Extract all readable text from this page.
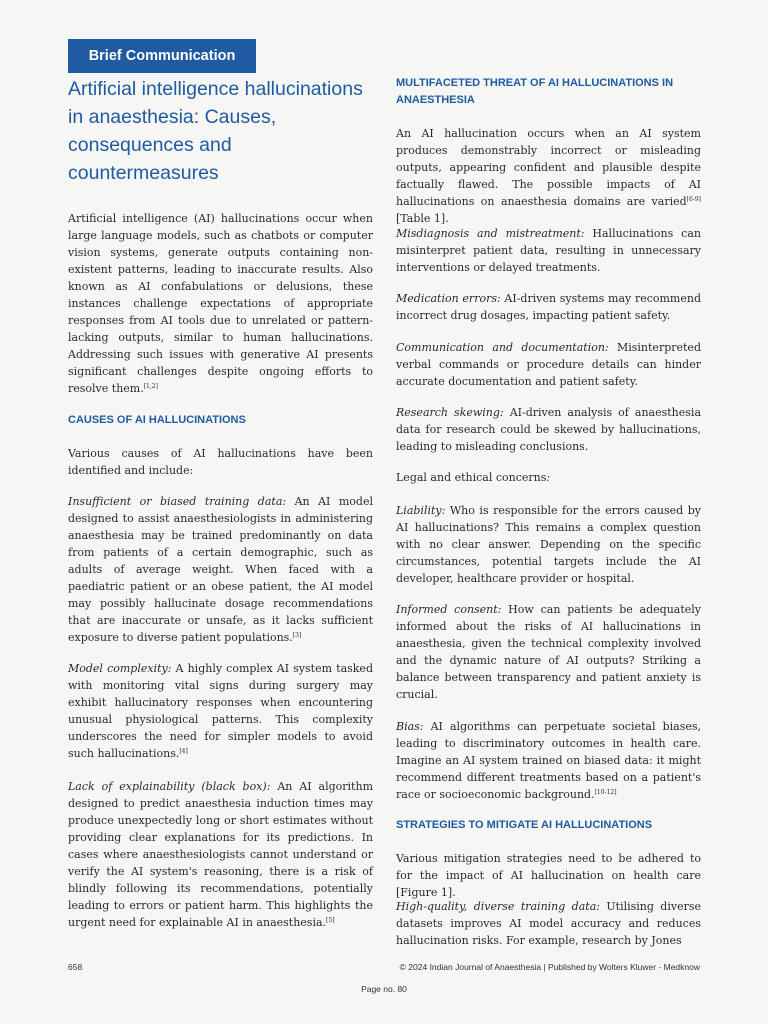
Brief Communication
Artificial intelligence hallucinations in anaesthesia: Causes, consequences and countermeasures

Artificial intelligence (AI) hallucinations occur when large language models, such as chatbots or computer vision systems, generate outputs containing non-existent patterns, leading to inaccurate results. Also known as AI confabulations or delusions, these instances challenge expectations of appropriate responses from AI tools due to unrelated or pattern-lacking outputs, similar to human hallucinations. Addressing such issues with generative AI presents significant challenges despite ongoing efforts to resolve them.[1,2]

CAUSES OF AI HALLUCINATIONS

Various causes of AI hallucinations have been identified and include:

Insufficient or biased training data: An AI model designed to assist anaesthesiologists in administering anaesthesia may be trained predominantly on data from patients of a certain demographic, such as adults of average weight. When faced with a paediatric patient or an obese patient, the AI model may possibly hallucinate dosage recommendations that are inaccurate or unsafe, as it lacks sufficient exposure to diverse patient populations.[3]

Model complexity: A highly complex AI system tasked with monitoring vital signs during surgery may exhibit hallucinatory responses when encountering unusual physiological patterns. This complexity underscores the need for simpler models to avoid such hallucinations.[4]

Lack of explainability (black box): An AI algorithm designed to predict anaesthesia induction times may produce unexpectedly long or short estimates without providing clear explanations for its predictions. In cases where anaesthesiologists cannot understand or verify the AI system's reasoning, there is a risk of blindly following its recommendations, potentially leading to errors or patient harm. This highlights the urgent need for explainable AI in anaesthesia.[5]

MULTIFACETED THREAT OF AI HALLUCINATIONS IN ANAESTHESIA

An AI hallucination occurs when an AI system produces demonstrably incorrect or misleading outputs, appearing confident and plausible despite factually flawed. The possible impacts of AI hallucinations on anaesthesia domains are varied[6-9] [Table 1].

Misdiagnosis and mistreatment: Hallucinations can misinterpret patient data, resulting in unnecessary interventions or delayed treatments.

Medication errors: AI-driven systems may recommend incorrect drug dosages, impacting patient safety.

Communication and documentation: Misinterpreted verbal commands or procedure details can hinder accurate documentation and patient safety.

Research skewing: AI-driven analysis of anaesthesia data for research could be skewed by hallucinations, leading to misleading conclusions.

Legal and ethical concerns:

Liability: Who is responsible for the errors caused by AI hallucinations? This remains a complex question with no clear answer. Depending on the specific circumstances, potential targets include the AI developer, healthcare provider or hospital.

Informed consent: How can patients be adequately informed about the risks of AI hallucinations in anaesthesia, given the technical complexity involved and the dynamic nature of AI outputs? Striking a balance between transparency and patient anxiety is crucial.

Bias: AI algorithms can perpetuate societal biases, leading to discriminatory outcomes in health care. Imagine an AI system trained on biased data: it might recommend different treatments based on a patient's race or socioeconomic background.[10-12]

STRATEGIES TO MITIGATE AI HALLUCINATIONS

Various mitigation strategies need to be adhered to for the impact of AI hallucination on health care [Figure 1].

High-quality, diverse training data: Utilising diverse datasets improves AI model accuracy and reduces hallucination risks. For example, research by Jones

658	© 2024 Indian Journal of Anaesthesia | Published by Wolters Kluwer - Medknow
Page no. 80
